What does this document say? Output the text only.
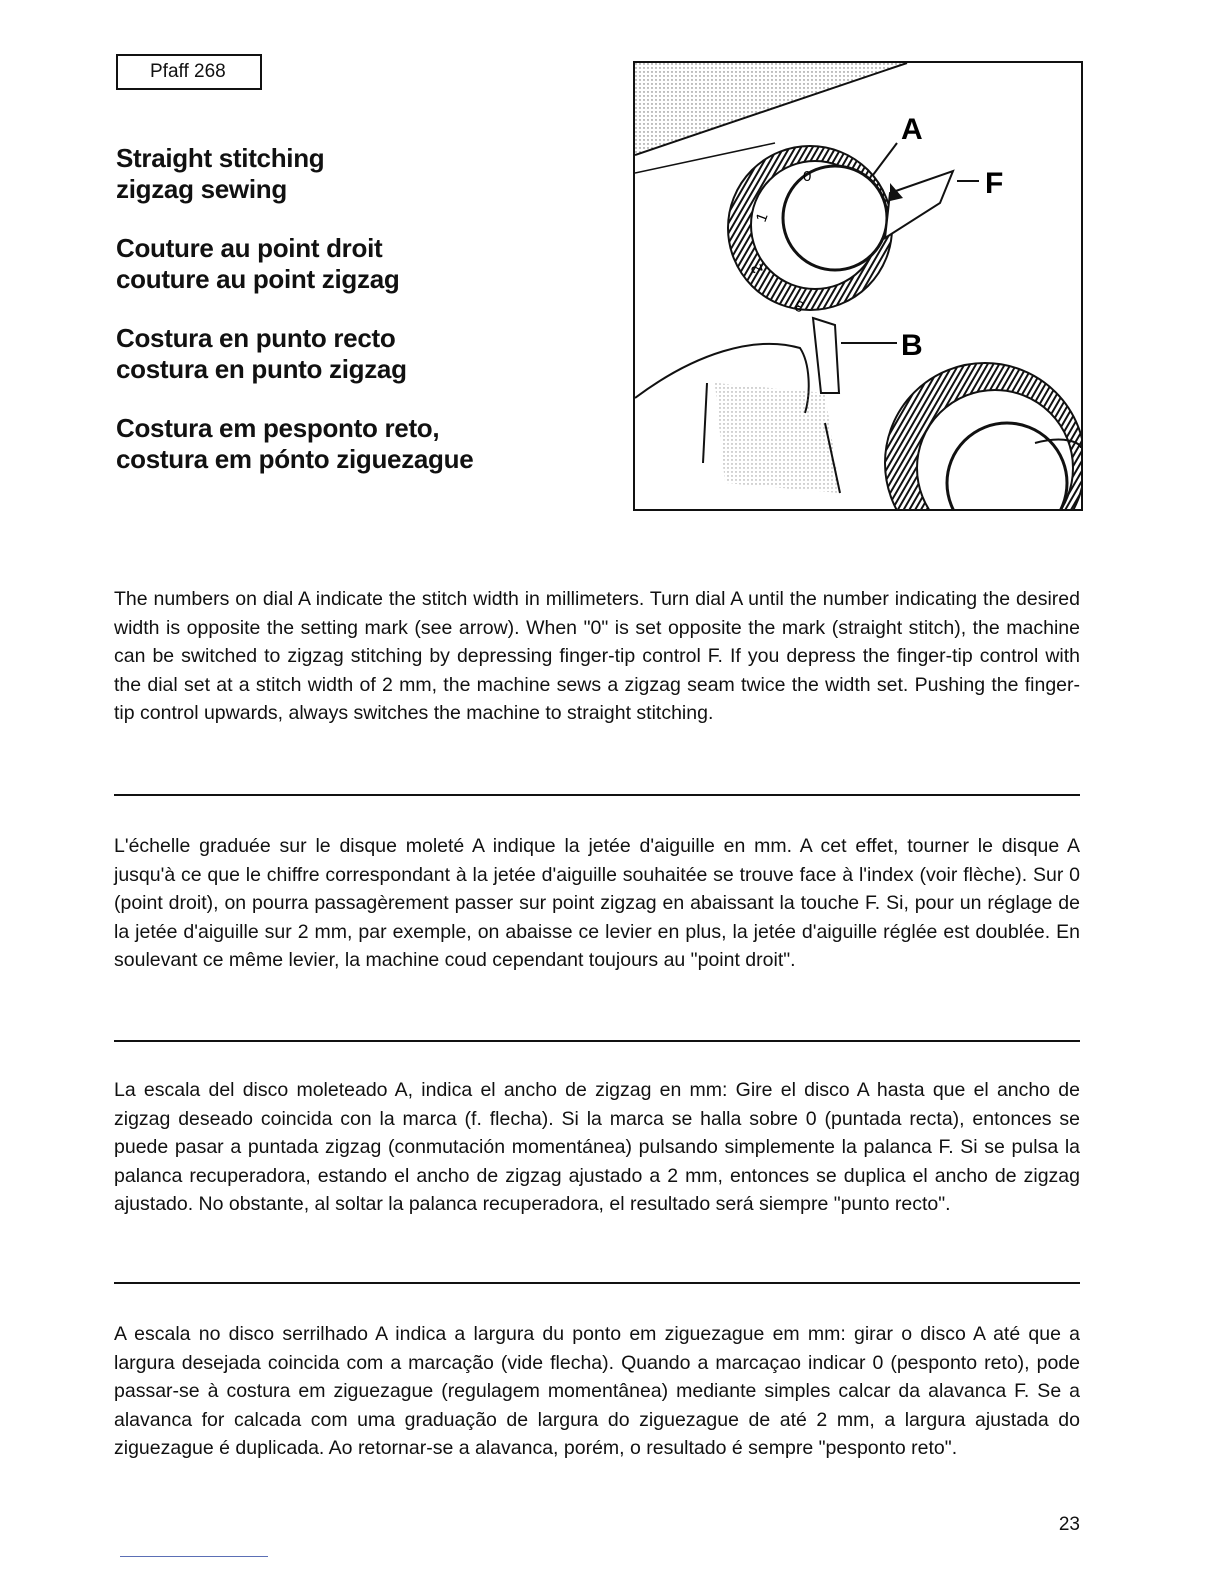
Pfaff 268
Straight stitching
zigzag sewing
Couture au point droit
couture au point zigzag
Costura en punto recto
costura en punto zigzag
Costura em pesponto reto,
costura em pónto ziguezague
0
1
2
3
A
F
B

The numbers on dial A indicate the stitch width in millimeters. Turn dial A until the number indicating the desired width is opposite the setting mark (see arrow). When "0" is set opposite the mark (straight stitch), the machine can be switched to zigzag stitching by depressing finger-tip control F. If you depress the finger-tip control with the dial set at a stitch width of 2 mm, the machine sews a zigzag seam twice the width set. Pushing the finger-tip control upwards, always switches the machine to straight stitching.

L'échelle graduée sur le disque moleté A indique la jetée d'aiguille en mm. A cet effet, tourner le disque A jusqu'à ce que le chiffre correspondant à la jetée d'aiguille souhaitée se trouve face à l'index (voir flèche). Sur 0 (point droit), on pourra passagèrement passer sur point zigzag en abaissant la touche F. Si, pour un réglage de la jetée d'aiguille sur 2 mm, par exemple, on abaisse ce levier en plus, la jetée d'aiguille réglée est doublée. En soulevant ce même levier, la machine coud cependant toujours au "point droit".

La escala del disco moleteado A, indica el ancho de zigzag en mm: Gire el disco A hasta que el ancho de zigzag deseado coincida con la marca (f. flecha). Si la marca se halla sobre 0 (puntada recta), entonces se puede pasar a puntada zigzag (conmutación momentánea) pulsando simplemente la palanca F. Si se pulsa la palanca recuperadora, estando el ancho de zigzag ajustado a 2 mm, entonces se duplica el ancho de zigzag ajustado. No obstante, al soltar la palanca recuperadora, el resultado será siempre "punto recto".

A escala no disco serrilhado A indica a largura du ponto em ziguezague em mm: girar o disco A até que a largura desejada coincida com a marcação (vide flecha). Quando a marcaçao indicar 0 (pesponto reto), pode passar-se à costura em ziguezague (regulagem momentânea) mediante simples calcar da alavanca F. Se a alavanca for calcada com uma graduação de largura do ziguezague de até 2 mm, a largura ajustada do ziguezague é duplicada. Ao retornar-se a alavanca, porém, o resultado é sempre "pesponto reto".

23
